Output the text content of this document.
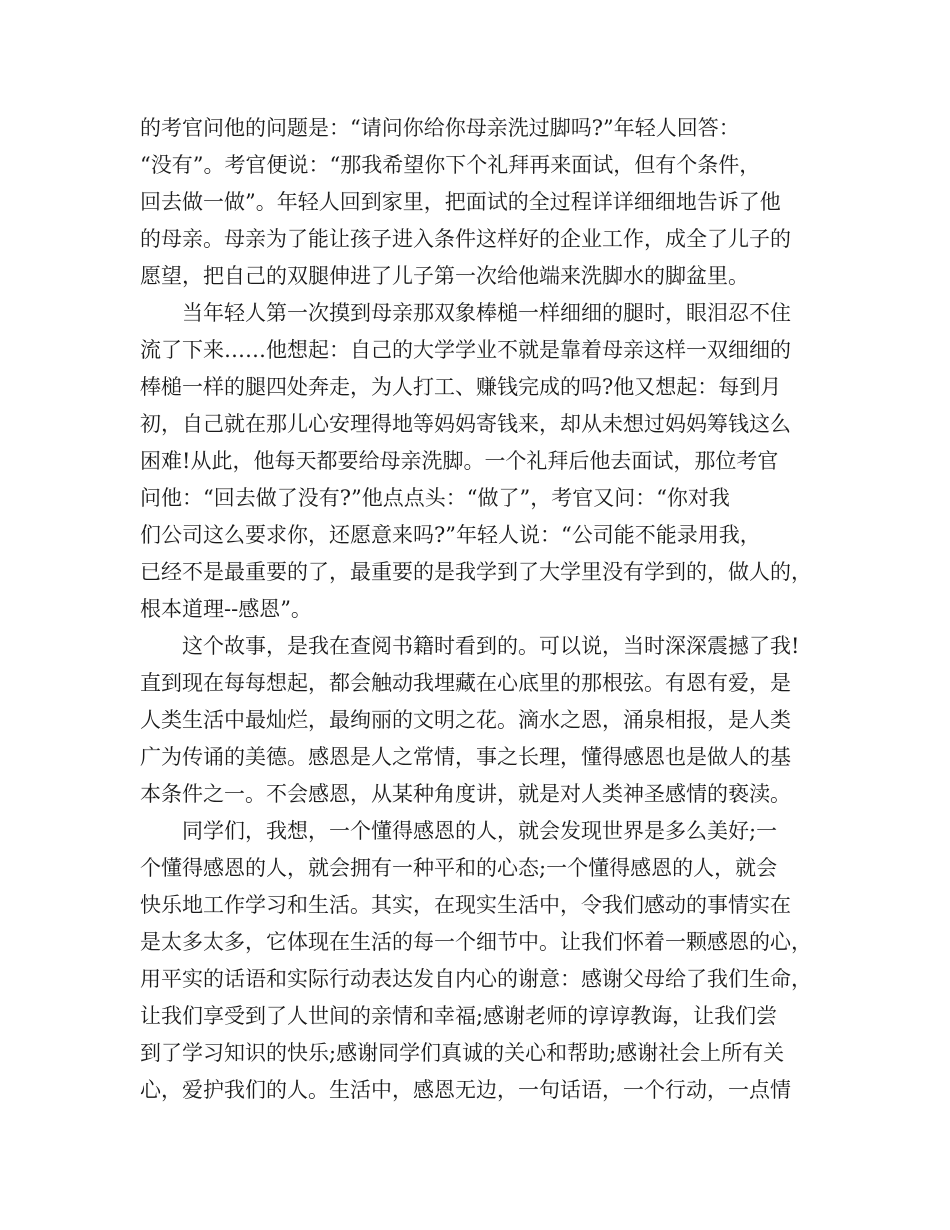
的考官问他的问题是：“请问你给你母亲洗过脚吗?”年轻人回答：
“没有”。考官便说：“那我希望你下个礼拜再来面试，但有个条件，
回去做一做”。年轻人回到家里，把面试的全过程详详细细地告诉了他
的母亲。母亲为了能让孩子进入条件这样好的企业工作，成全了儿子的
愿望，把自己的双腿伸进了儿子第一次给他端来洗脚水的脚盆里。
当年轻人第一次摸到母亲那双象棒槌一样细细的腿时，眼泪忍不住
流了下来……他想起：自己的大学学业不就是靠着母亲这样一双细细的
棒槌一样的腿四处奔走，为人打工、赚钱完成的吗?他又想起：每到月
初，自己就在那儿心安理得地等妈妈寄钱来，却从未想过妈妈筹钱这么
困难!从此，他每天都要给母亲洗脚。一个礼拜后他去面试，那位考官
问他：“回去做了没有?”他点点头：“做了”，考官又问：“你对我
们公司这么要求你，还愿意来吗?”年轻人说：“公司能不能录用我，
已经不是最重要的了，最重要的是我学到了大学里没有学到的，做人的，
根本道理--感恩”。
这个故事，是我在查阅书籍时看到的。可以说，当时深深震撼了我!
直到现在每每想起，都会触动我埋藏在心底里的那根弦。有恩有爱，是
人类生活中最灿烂，最绚丽的文明之花。滴水之恩，涌泉相报，是人类
广为传诵的美德。感恩是人之常情，事之长理，懂得感恩也是做人的基
本条件之一。不会感恩，从某种角度讲，就是对人类神圣感情的亵渎。
同学们，我想，一个懂得感恩的人，就会发现世界是多么美好;一
个懂得感恩的人，就会拥有一种平和的心态;一个懂得感恩的人，就会
快乐地工作学习和生活。其实，在现实生活中，令我们感动的事情实在
是太多太多，它体现在生活的每一个细节中。让我们怀着一颗感恩的心，
用平实的话语和实际行动表达发自内心的谢意：感谢父母给了我们生命，
让我们享受到了人世间的亲情和幸福;感谢老师的谆谆教诲，让我们尝
到了学习知识的快乐;感谢同学们真诚的关心和帮助;感谢社会上所有关
心，爱护我们的人。生活中，感恩无边，一句话语，一个行动，一点情
